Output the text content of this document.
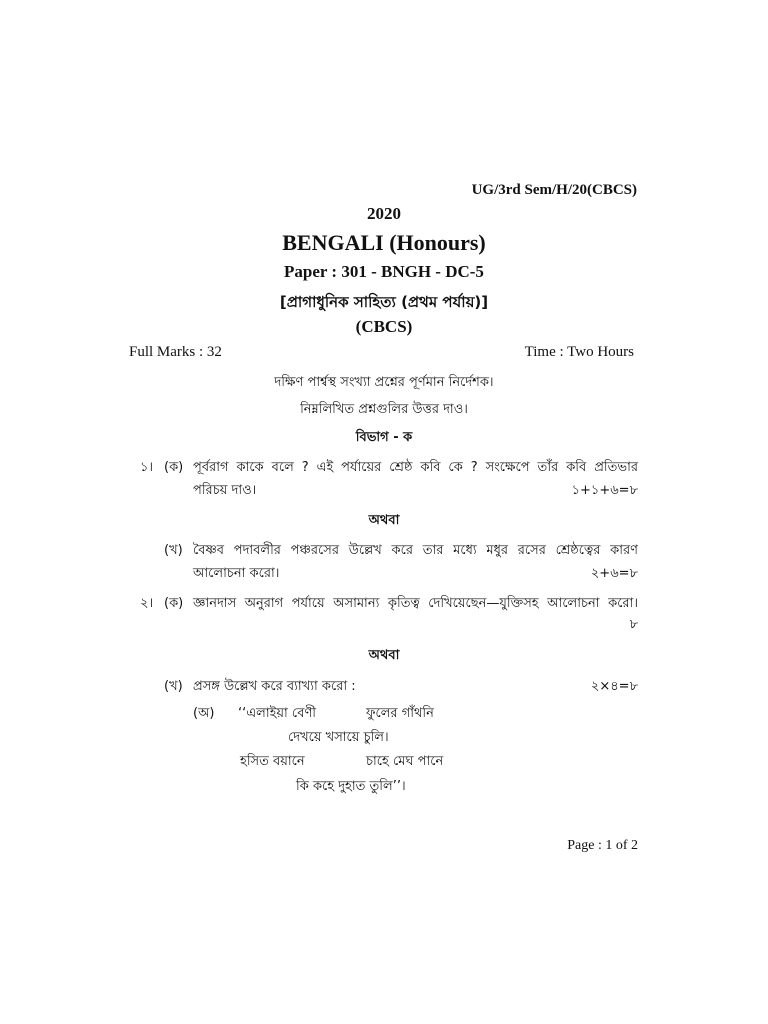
UG/3rd Sem/H/20(CBCS)
2020
BENGALI (Honours)
Paper : 301 - BNGH - DC-5
[প্রাগাধুনিক সাহিত্য (প্রথম পর্যায়)]
(CBCS)
Full Marks : 32	Time : Two Hours
দক্ষিণ পার্শ্বস্থ সংখ্যা প্রশ্নের পূর্ণমান নির্দেশক।
নিম্নলিখিত প্রশ্নগুলির উত্তর দাও।
বিভাগ - ক
১। (ক) পূর্বরাগ কাকে বলে ? এই পর্যায়ের শ্রেষ্ঠ কবি কে ? সংক্ষেপে তাঁর কবি প্রতিভার
পরিচয় দাও।	১+১+৬=৮
অথবা
(খ) বৈষ্ণব পদাবলীর পঞ্চরসের উল্লেখ করে তার মধ্যে মধুর রসের শ্রেষ্ঠত্বের কারণ
আলোচনা করো।	২+৬=৮
২। (ক) জ্ঞানদাস অনুরাগ পর্যায়ে অসামান্য কৃতিত্ব দেখিয়েছেন—যুক্তিসহ আলোচনা করো।
৮
অথবা
(খ) প্রসঙ্গ উল্লেখ করে ব্যাখ্যা করো :	২×৪=৮
(অ) ‘‘এলাইয়া বেণী	ফুলের গাঁথনি
দেখয়ে খসায়ে চুলি।
হসিত বয়ানে	চাহে মেঘ পানে
কি কহে দুহাত তুলি’’।
Page : 1 of 2
